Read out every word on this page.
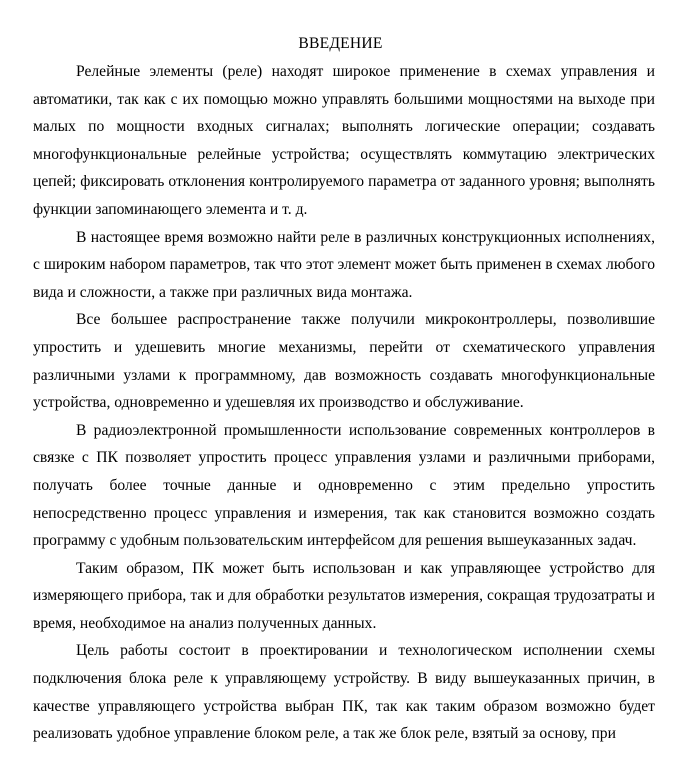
ВВЕДЕНИЕ

Релейные элементы (реле) находят широкое применение в схемах управления и автоматики, так как с их помощью можно управлять большими мощностями на выходе при малых по мощности входных сигналах; выполнять логические операции; создавать многофункциональные релейные устройства; осуществлять коммутацию электрических цепей; фиксировать отклонения контролируемого параметра от заданного уровня; выполнять функции запоминающего элемента и т. д.

В настоящее время возможно найти реле в различных конструкционных исполнениях, с широким набором параметров, так что этот элемент может быть применен в схемах любого вида и сложности, а также при различных вида монтажа.

Все большее распространение также получили микроконтроллеры, позволившие упростить и удешевить многие механизмы, перейти от схематического управления различными узлами к программному, дав возможность создавать многофункциональные устройства, одновременно и удешевляя их производство и обслуживание.

В радиоэлектронной промышленности использование современных контроллеров в связке с ПК позволяет упростить процесс управления узлами и различными приборами, получать более точные данные и одновременно с этим предельно упростить непосредственно процесс управления и измерения, так как становится возможно создать программу с удобным пользовательским интерфейсом для решения вышеуказанных задач.

Таким образом, ПК может быть использован и как управляющее устройство для измеряющего прибора, так и для обработки результатов измерения, сокращая трудозатраты и время, необходимое на анализ полученных данных.

Цель работы состоит в проектировании и технологическом исполнении схемы подключения блока реле к управляющему устройству. В виду вышеуказанных причин, в качестве управляющего устройства выбран ПК, так как таким образом возможно будет реализовать удобное управление блоком реле, а так же блок реле, взятый за основу, при
